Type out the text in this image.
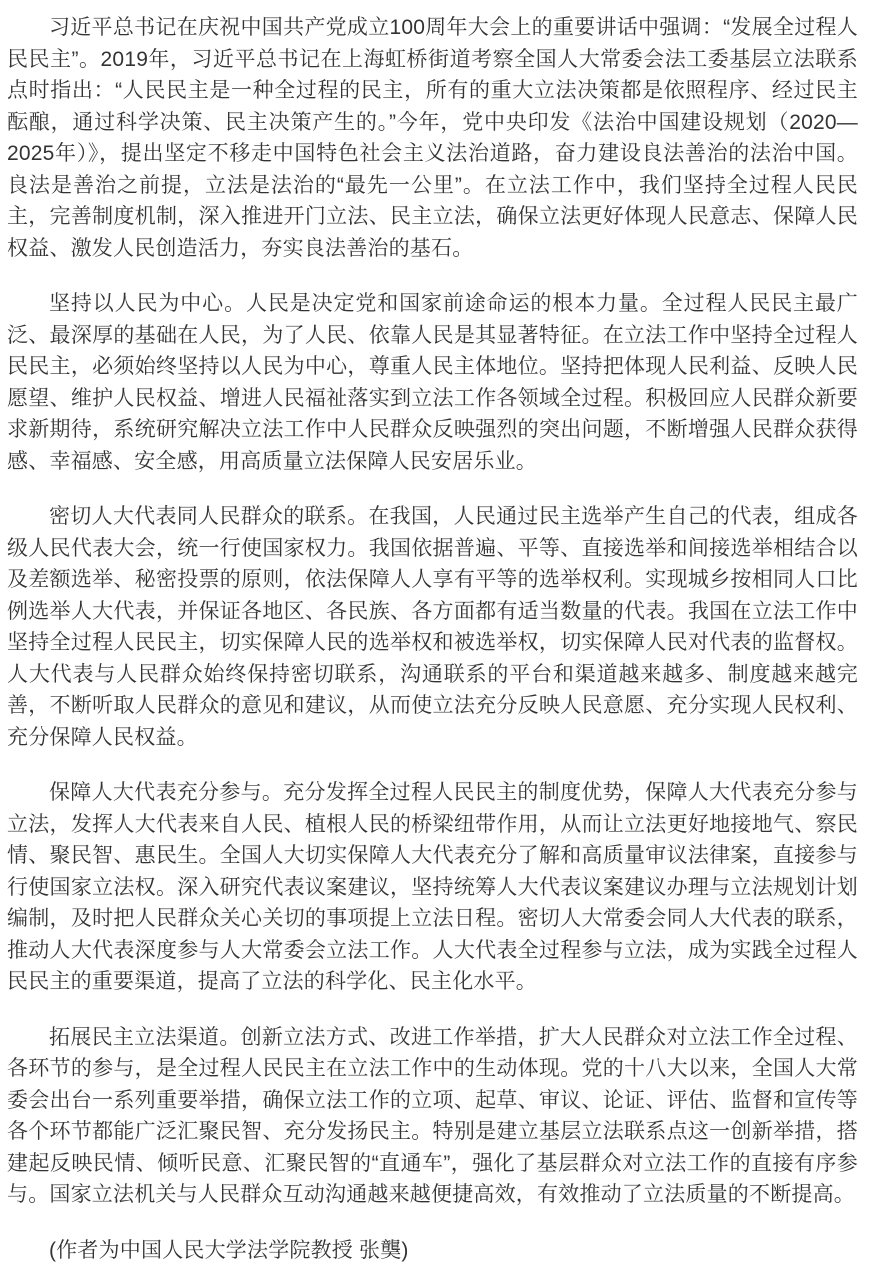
习近平总书记在庆祝中国共产党成立100周年大会上的重要讲话中强调：“发展全过程人民民主”。2019年，习近平总书记在上海虹桥街道考察全国人大常委会法工委基层立法联系点时指出：“人民民主是一种全过程的民主，所有的重大立法决策都是依照程序、经过民主酝酿，通过科学决策、民主决策产生的。”今年，党中央印发《法治中国建设规划（2020—2025年）》，提出坚定不移走中国特色社会主义法治道路，奋力建设良法善治的法治中国。良法是善治之前提，立法是法治的“最先一公里”。在立法工作中，我们坚持全过程人民民主，完善制度机制，深入推进开门立法、民主立法，确保立法更好体现人民意志、保障人民权益、激发人民创造活力，夯实良法善治的基石。

坚持以人民为中心。人民是决定党和国家前途命运的根本力量。全过程人民民主最广泛、最深厚的基础在人民，为了人民、依靠人民是其显著特征。在立法工作中坚持全过程人民民主，必须始终坚持以人民为中心，尊重人民主体地位。坚持把体现人民利益、反映人民愿望、维护人民权益、增进人民福祉落实到立法工作各领域全过程。积极回应人民群众新要求新期待，系统研究解决立法工作中人民群众反映强烈的突出问题，不断增强人民群众获得感、幸福感、安全感，用高质量立法保障人民安居乐业。

密切人大代表同人民群众的联系。在我国，人民通过民主选举产生自己的代表，组成各级人民代表大会，统一行使国家权力。我国依据普遍、平等、直接选举和间接选举相结合以及差额选举、秘密投票的原则，依法保障人人享有平等的选举权利。实现城乡按相同人口比例选举人大代表，并保证各地区、各民族、各方面都有适当数量的代表。我国在立法工作中坚持全过程人民民主，切实保障人民的选举权和被选举权，切实保障人民对代表的监督权。人大代表与人民群众始终保持密切联系，沟通联系的平台和渠道越来越多、制度越来越完善，不断听取人民群众的意见和建议，从而使立法充分反映人民意愿、充分实现人民权利、充分保障人民权益。

保障人大代表充分参与。充分发挥全过程人民民主的制度优势，保障人大代表充分参与立法，发挥人大代表来自人民、植根人民的桥梁纽带作用，从而让立法更好地接地气、察民情、聚民智、惠民生。全国人大切实保障人大代表充分了解和高质量审议法律案，直接参与行使国家立法权。深入研究代表议案建议，坚持统筹人大代表议案建议办理与立法规划计划编制，及时把人民群众关心关切的事项提上立法日程。密切人大常委会同人大代表的联系，推动人大代表深度参与人大常委会立法工作。人大代表全过程参与立法，成为实践全过程人民民主的重要渠道，提高了立法的科学化、民主化水平。

拓展民主立法渠道。创新立法方式、改进工作举措，扩大人民群众对立法工作全过程、各环节的参与，是全过程人民民主在立法工作中的生动体现。党的十八大以来，全国人大常委会出台一系列重要举措，确保立法工作的立项、起草、审议、论证、评估、监督和宣传等各个环节都能广泛汇聚民智、充分发扬民主。特别是建立基层立法联系点这一创新举措，搭建起反映民情、倾听民意、汇聚民智的“直通车”，强化了基层群众对立法工作的直接有序参与。国家立法机关与人民群众互动沟通越来越便捷高效，有效推动了立法质量的不断提高。

(作者为中国人民大学法学院教授 张龑)
